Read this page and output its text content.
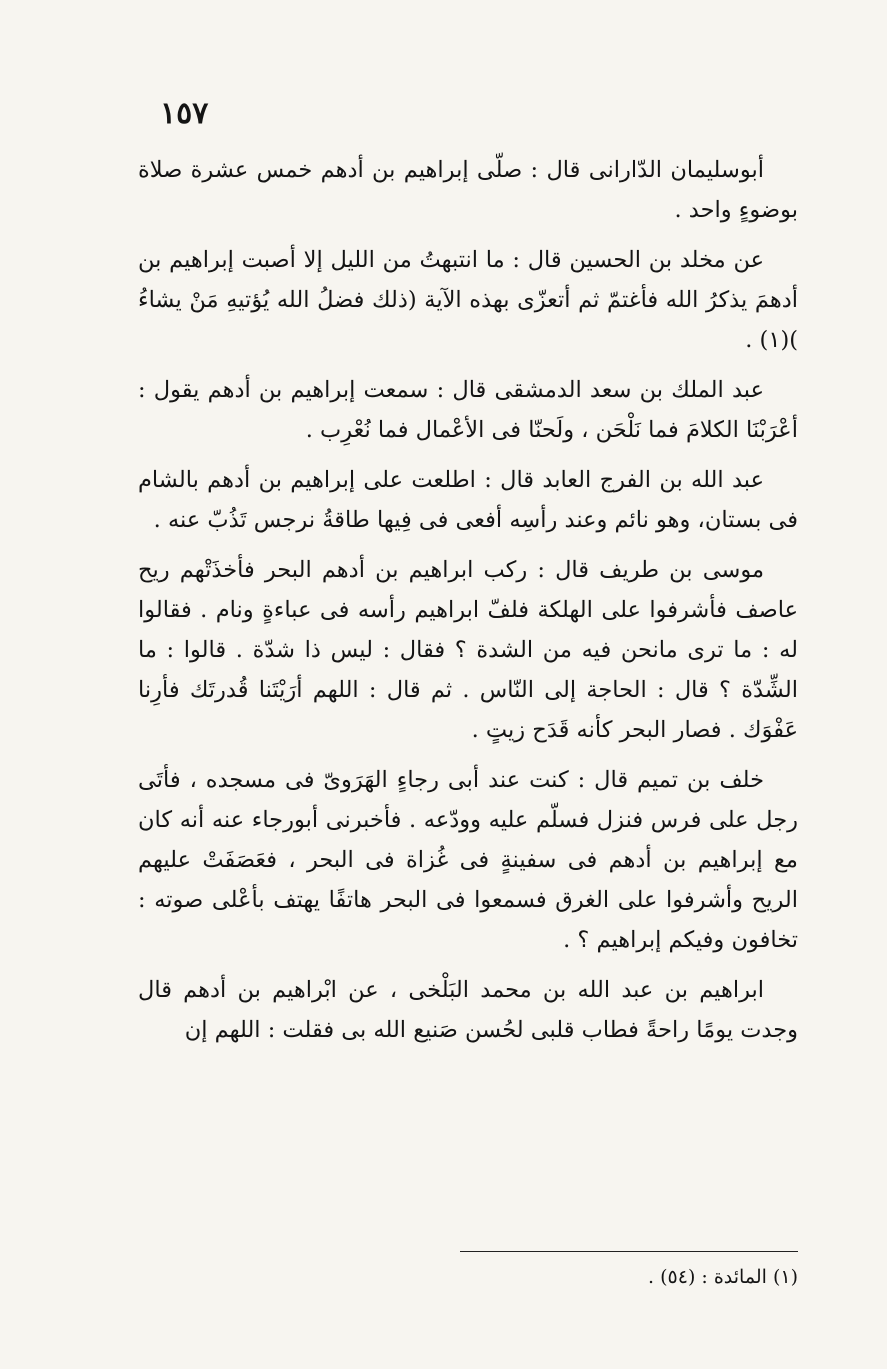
١٥٧

أبوسليمان الدّارانى قال : صلّى إبراهيم بن أدهم خمس عشرة صلاة بوضوءٍ واحد .

عن مخلد بن الحسين قال : ما انتبهتُ من الليل إلا أصبت إبراهيم بن أدهمَ يذكرُ الله فأغتمّ ثم أتعزّى بهذه الآية (ذلك فضلُ الله يُؤتيهِ مَنْ يشاءُ )(١) .

عبد الملك بن سعد الدمشقى قال : سمعت إبراهيم بن أدهم يقول : أعْرَبْنَا الكلامَ فما نَلْحَن ، ولَحنّا فى الأعْمال فما نُعْرِب .

عبد الله بن الفرج العابد قال : اطلعت على إبراهيم بن أدهم بالشام فى بستان، وهو نائم وعند رأسِه أفعى فى فِيها طاقةُ نرجس تَذُبّ عنه .

موسى بن طريف قال : ركب ابراهيم بن أدهم البحر فأخذَتْهم ريح عاصف فأشرفوا على الهلكة فلفّ ابراهيم رأسه فى عباءةٍ ونام . فقالوا له : ما ترى مانحن فيه من الشدة ؟ فقال : ليس ذا شدّة . قالوا : ما الشِّدّة ؟ قال : الحاجة إلى النّاس . ثم قال : اللهم أرَيْتَنا قُدرتَك فأرِنا عَفْوَك . فصار البحر كأنه قَدَح زيتٍ .

خلف بن تميم قال : كنت عند أبى رجاءٍ الهَرَوىّ فى مسجده ، فأتَى رجل على فرس فنزل فسلّم عليه وودّعه . فأخبرنى أبورجاء عنه أنه كان مع إبراهيم بن أدهم فى سفينةٍ فى غُزاة فى البحر ، فعَصَفَتْ عليهم الريح وأشرفوا على الغرق فسمعوا فى البحر هاتفًا يهتف بأعْلى صوته : تخافون وفيكم إبراهيم ؟ .

ابراهيم بن عبد الله بن محمد البَلْخى ، عن ابْراهيم بن أدهم قال وجدت يومًا راحةً فطاب قلبى لحُسن صَنيع الله بى فقلت : اللهم إن

(١) المائدة : (٥٤) .
